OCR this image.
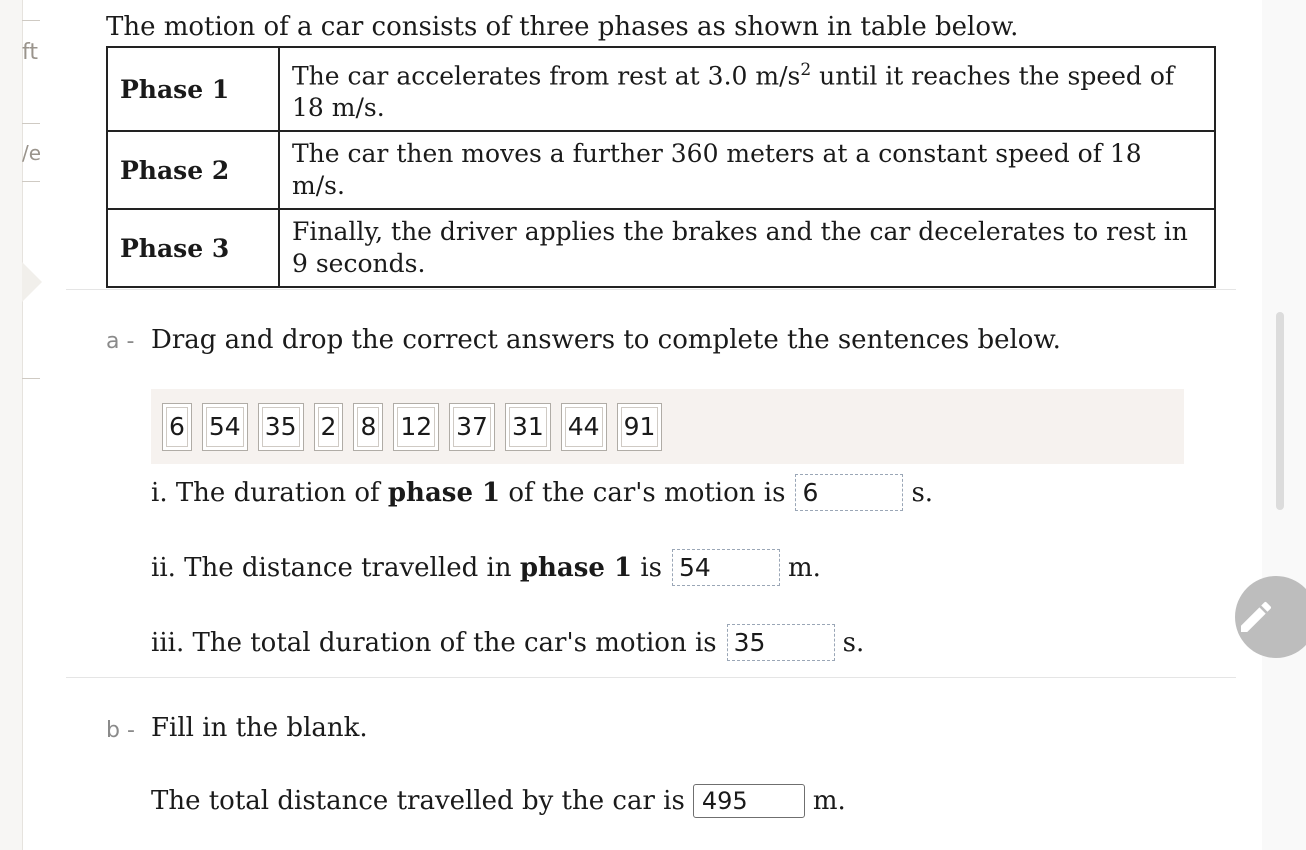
ft
/e
The motion of a car consists of three phases as shown in table below.
Phase 1	The car accelerates from rest at 3.0 $m/s^2$ until it reaches the speed of 18 m/s.
Phase 2	The car then moves a further 360 meters at a constant speed of 18 m/s.
Phase 3	Finally, the driver applies the brakes and the car decelerates to rest in 9 seconds.
a - Drag and drop the correct answers to complete the sentences below.
6 54 35 2 8 12 37 31 44 91
i. The duration of phase 1 of the car's motion is 6	s.
ii. The distance travelled in phase 1 is 54	m.
iii. The total duration of the car's motion is 35	s.
b - Fill in the blank.
The total distance travelled by the car is
495	m.
